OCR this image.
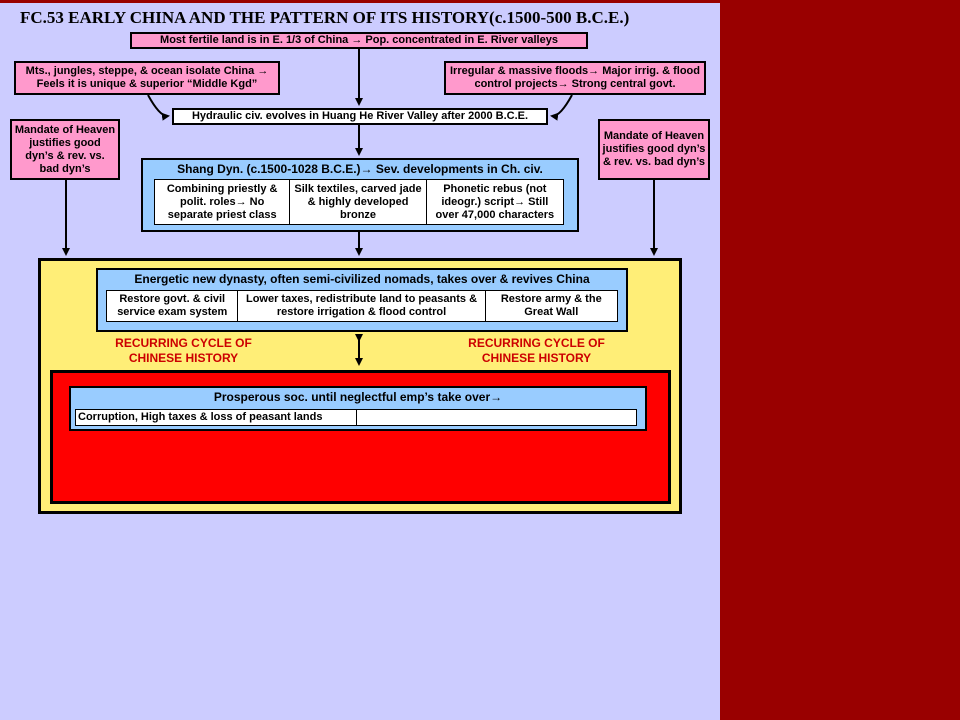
FC.53 EARLY CHINA AND THE PATTERN OF ITS HISTORY(c.1500-500 B.C.E.)
Most fertile land is in E. 1/3 of China → Pop. concentrated in E. River valleys
Mts., jungles, steppe, & ocean isolate China → Feels it is unique & superior “Middle Kgd”
Irregular & massive floods→ Major irrig. & flood control projects→ Strong central govt.
Hydraulic civ. evolves in Huang He River Valley after 2000 B.C.E.
Mandate of Heaven justifies good dyn’s & rev. vs. bad dyn’s
Mandate of Heaven justifies good dyn’s & rev. vs. bad dyn’s
Shang Dyn. (c.1500-1028 B.C.E.)→ Sev. developments in Ch. civ.
Combining priestly & polit. roles→ No separate priest class
Silk textiles, carved jade & highly developed bronze
Phonetic rebus (not ideogr.) script→ Still over 47,000 characters
Energetic new dynasty, often semi-civilized nomads, takes over & revives China
Restore govt. & civil service exam system
Lower taxes, redistribute land to peasants & restore irrigation & flood control
Restore army & the Great Wall
RECURRING CYCLE OF CHINESE HISTORY
RECURRING CYCLE OF CHINESE HISTORY
Prosperous soc. until neglectful emp’s take over→
Corruption, High taxes & loss of peasant lands
